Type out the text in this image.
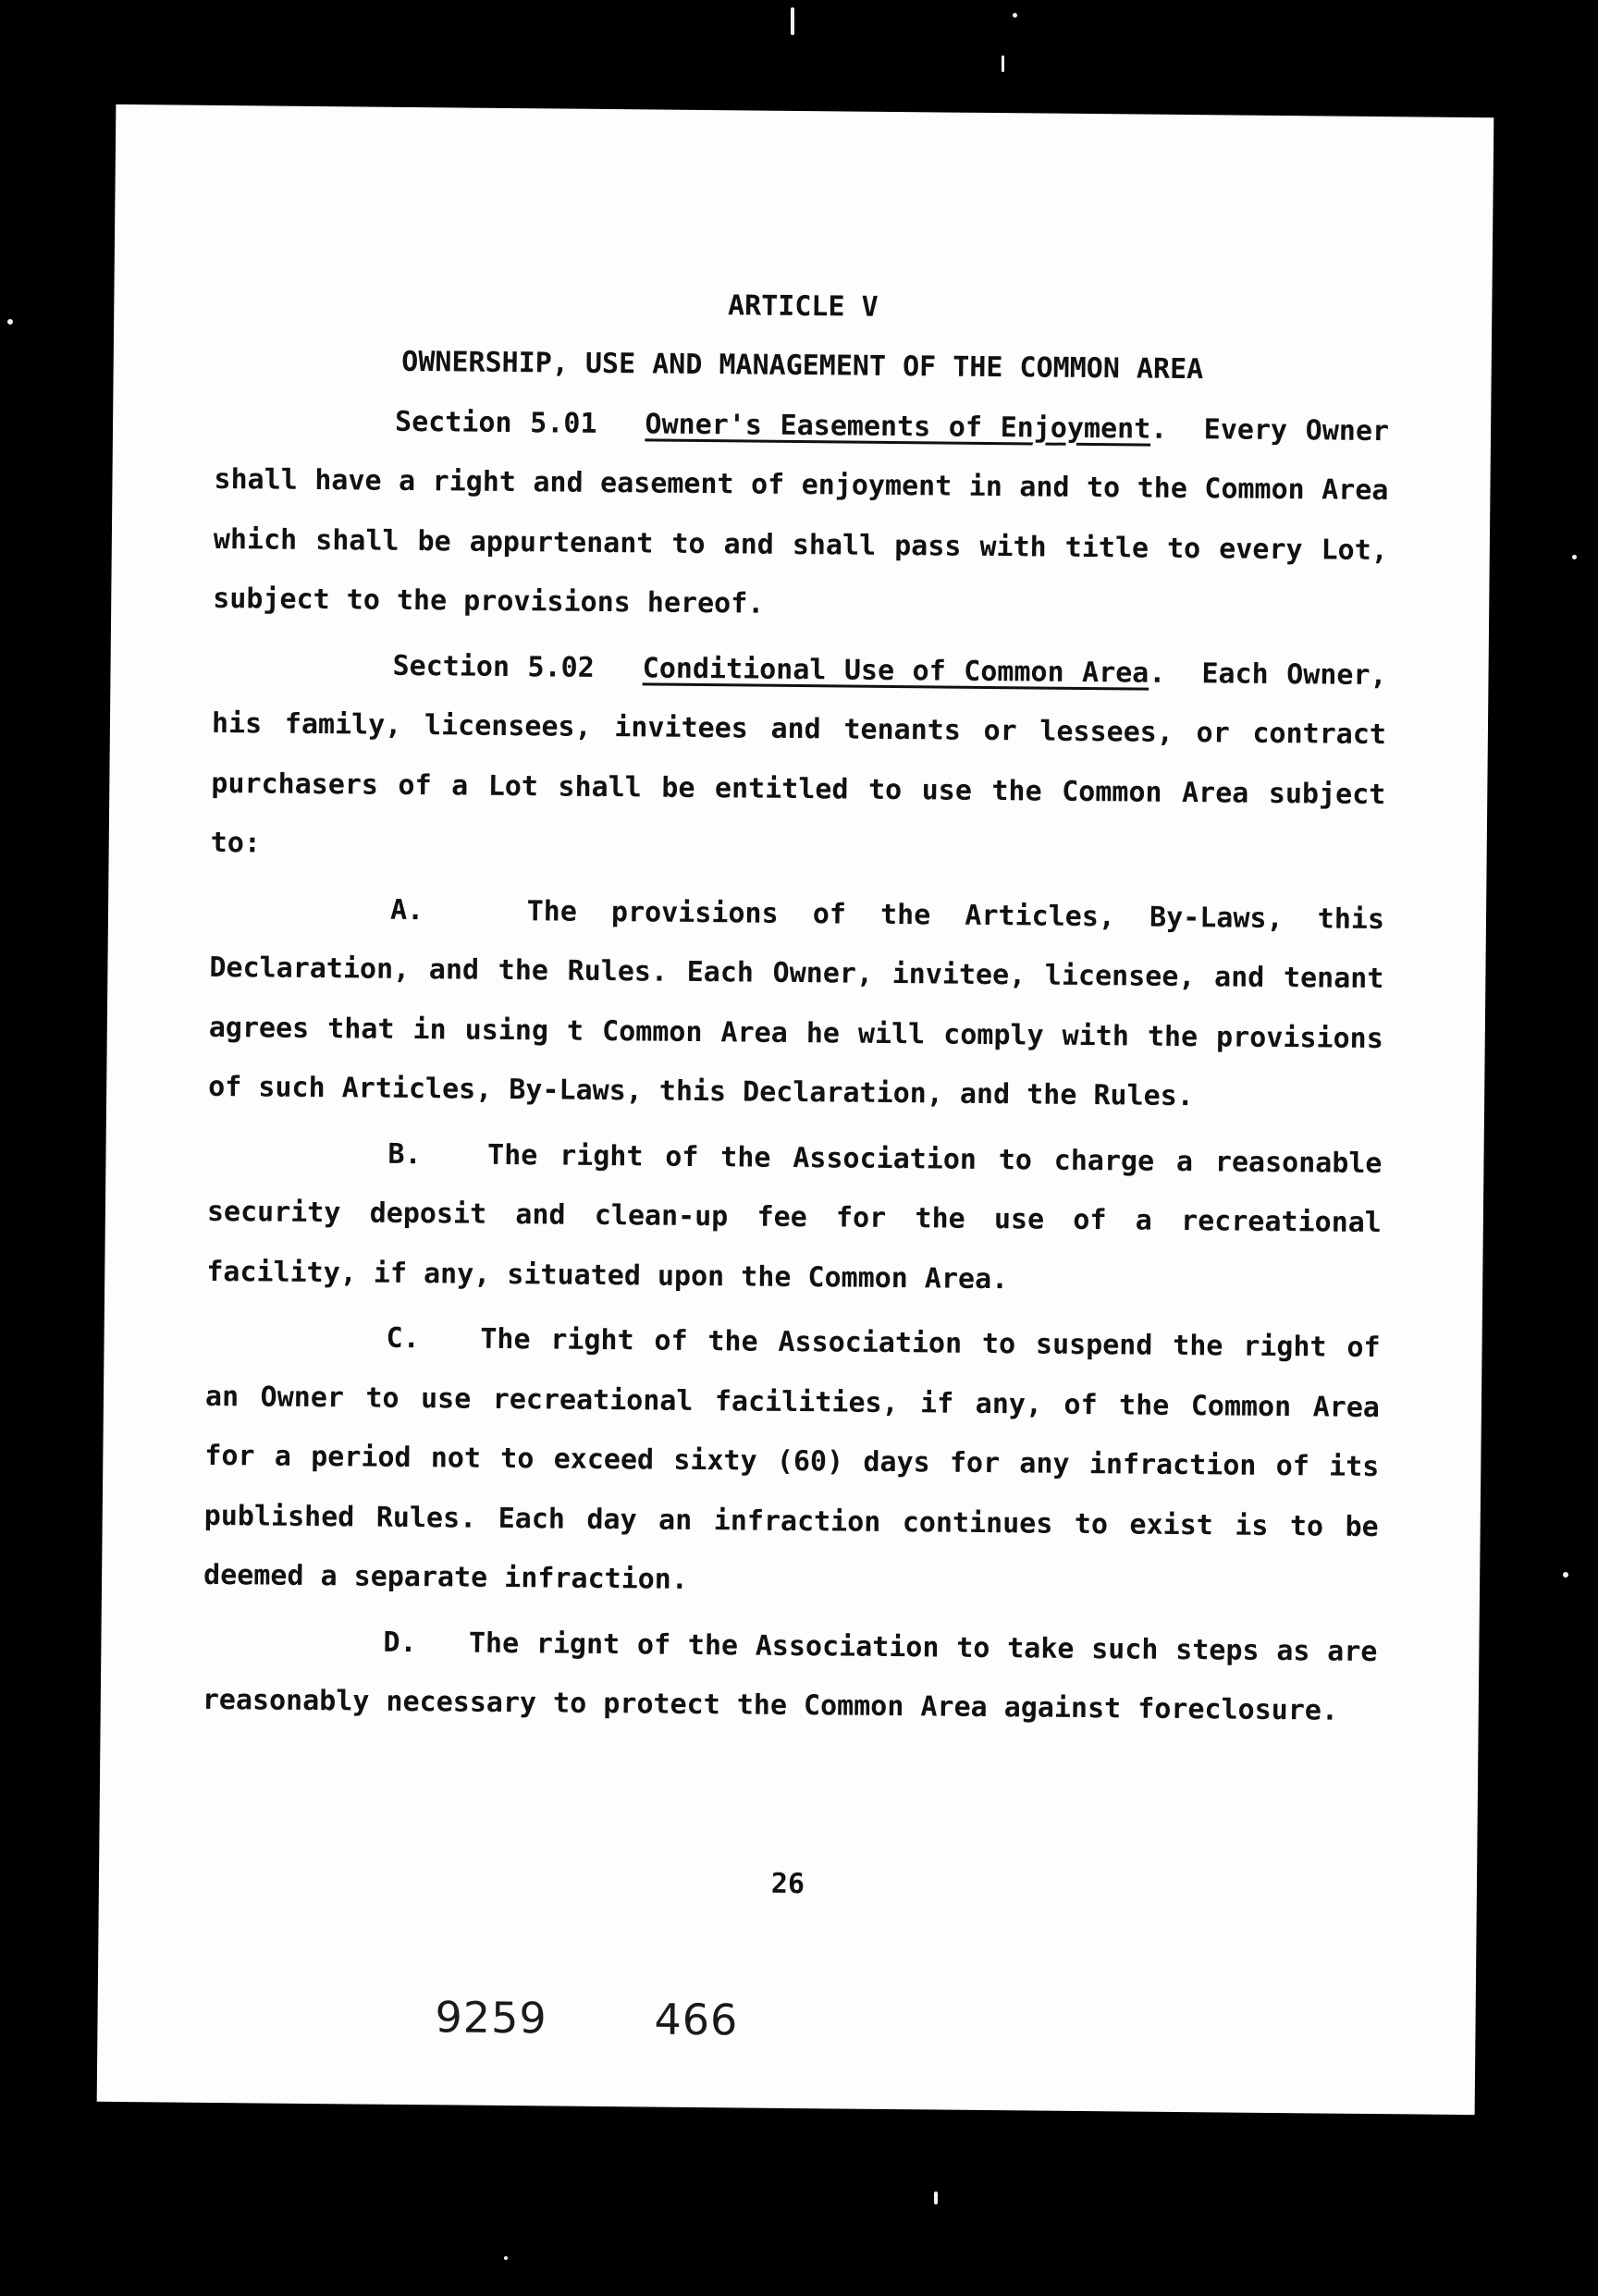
ARTICLE V
OWNERSHIP, USE AND MANAGEMENT OF THE COMMON AREA

Section 5.01 Owner's Easements of Enjoyment.  Every Owner shall have a right and easement of enjoyment in and to the Common Area which shall be appurtenant to and shall pass with title to every Lot, subject to the provisions hereof.

Section 5.02 Conditional Use of Common Area.  Each Owner, his family, licensees, invitees and tenants or lessees, or contract purchasers of a Lot shall be entitled to use the Common Area subject to:

A.	The provisions of the Articles, By-Laws, this Declaration, and the Rules. Each Owner, invitee, licensee, and tenant agrees that in using t Common Area he will comply with the provisions of such Articles, By-Laws, this Declaration, and the Rules.

B. The right of the Association to charge a reasonable security deposit and clean-up fee for the use of a recreational facility, if any, situated upon the Common Area.

C. The right of the Association to suspend the right of an Owner to use recreational facilities, if any, of the Common Area for a period not to exceed sixty (60) days for any infraction of its published Rules. Each day an infraction continues to exist is to be deemed a separate infraction.

D. The rignt of the Association to take such steps as are reasonably necessary to protect the Common Area against foreclosure.

26
9259	466
